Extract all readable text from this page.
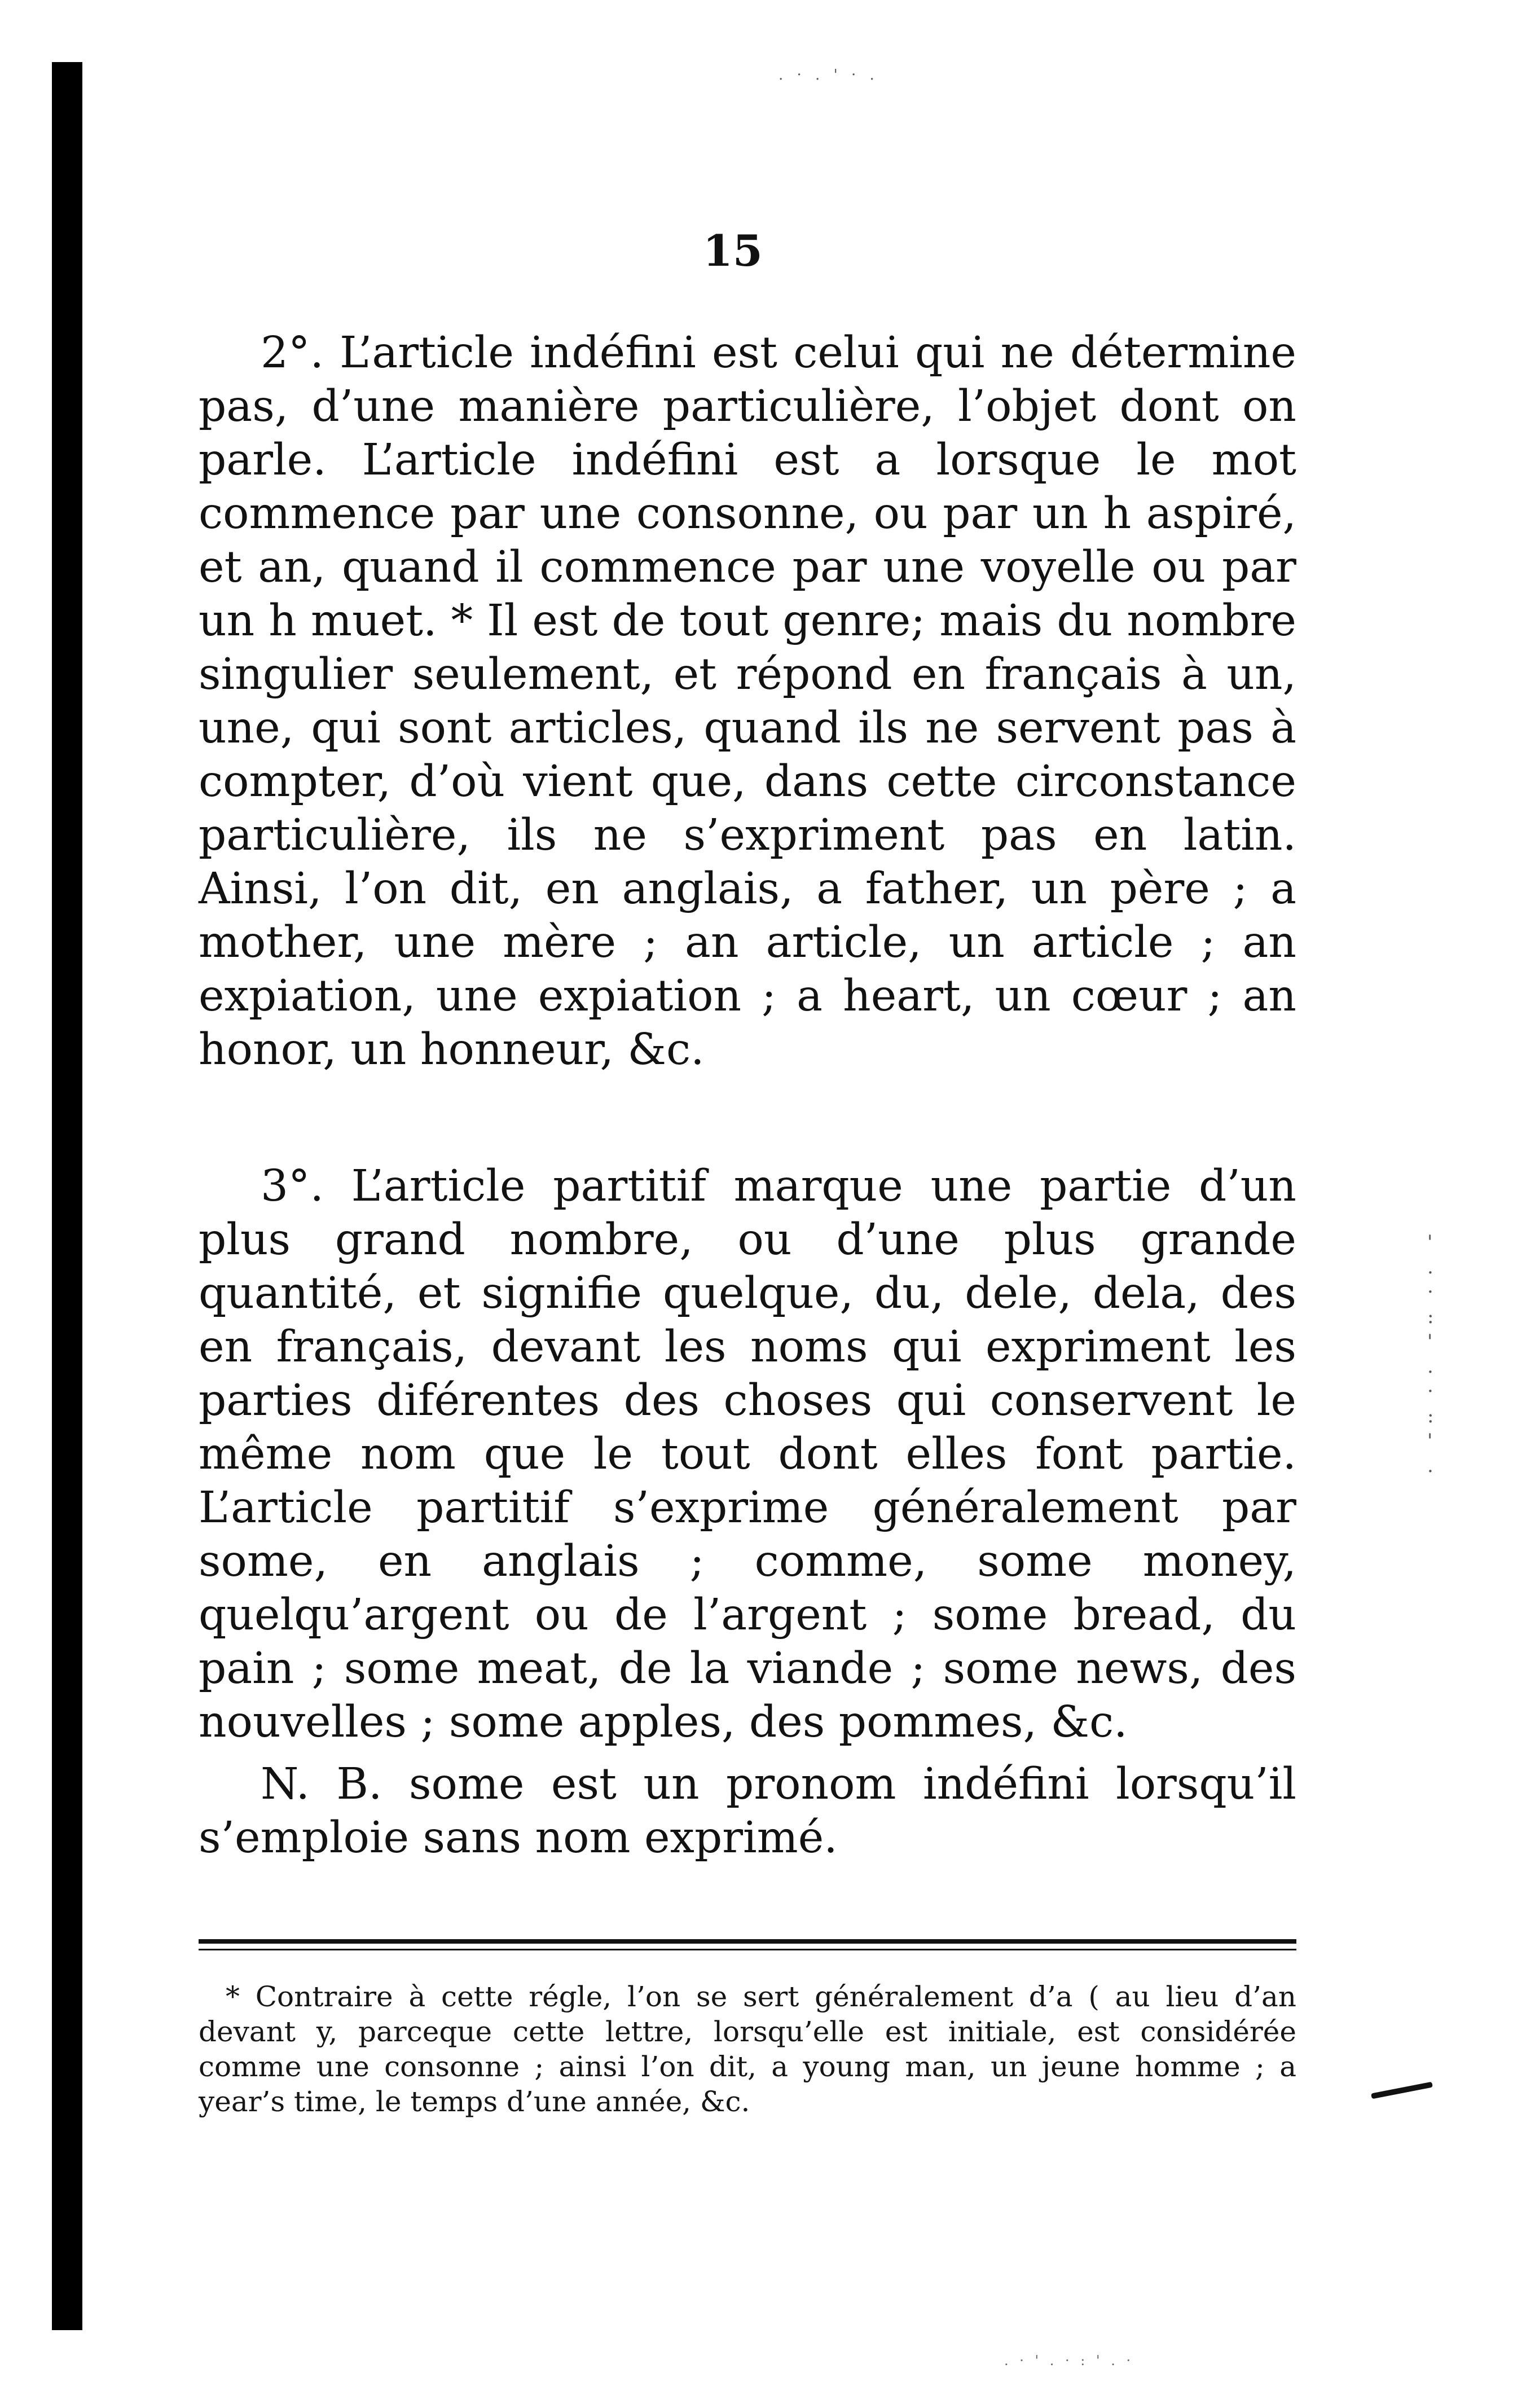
. · . ' · .
15

2°. L’article indéfini est celui qui ne détermine pas, d’une manière particulière, l’objet dont on parle. L’article indéfini est a lorsque le mot commence par une consonne, ou par un h aspiré, et an, quand il commence par une voyelle ou par un h muet. * Il est de tout genre; mais du nombre singulier seulement, et répond en français à un, une, qui sont articles, quand ils ne servent pas à compter, d’où vient que, dans cette circonstance particulière, ils ne s’expriment pas en latin. Ainsi, l’on dit, en anglais, a father, un père ; a mother, une mère ; an article, un article ; an expiation, une expiation ; a heart, un cœur ; an honor, un honneur, &c.

3°. L’article partitif marque une partie d’un plus grand nombre, ou d’une plus grande quantité, et signifie quelque, du, dele, dela, des en français, devant les noms qui expriment les parties diférentes des choses qui conservent le même nom que le tout dont elles font partie. L’article partitif s’exprime généralement par some, en anglais ; comme, some money, quelqu’argent ou de l’argent ; some bread, du pain ; some meat, de la viande ; some news, des nouvelles ; some apples, des pommes, &c.

N. B. some est un pronom indéfini lorsqu’il s’emploie sans nom exprimé.

* Contraire à cette régle, l’on se sert généralement d’a ( au lieu d’an devant y, parceque cette lettre, lorsqu’elle est initiale, est considérée comme une consonne ; ainsi l’on dit, a young man, un jeune homme ; a year’s time, le temps d’une année, &c.

'
.
·
:
'
.
·
:
'
.
. · ' . · : ' . ·
